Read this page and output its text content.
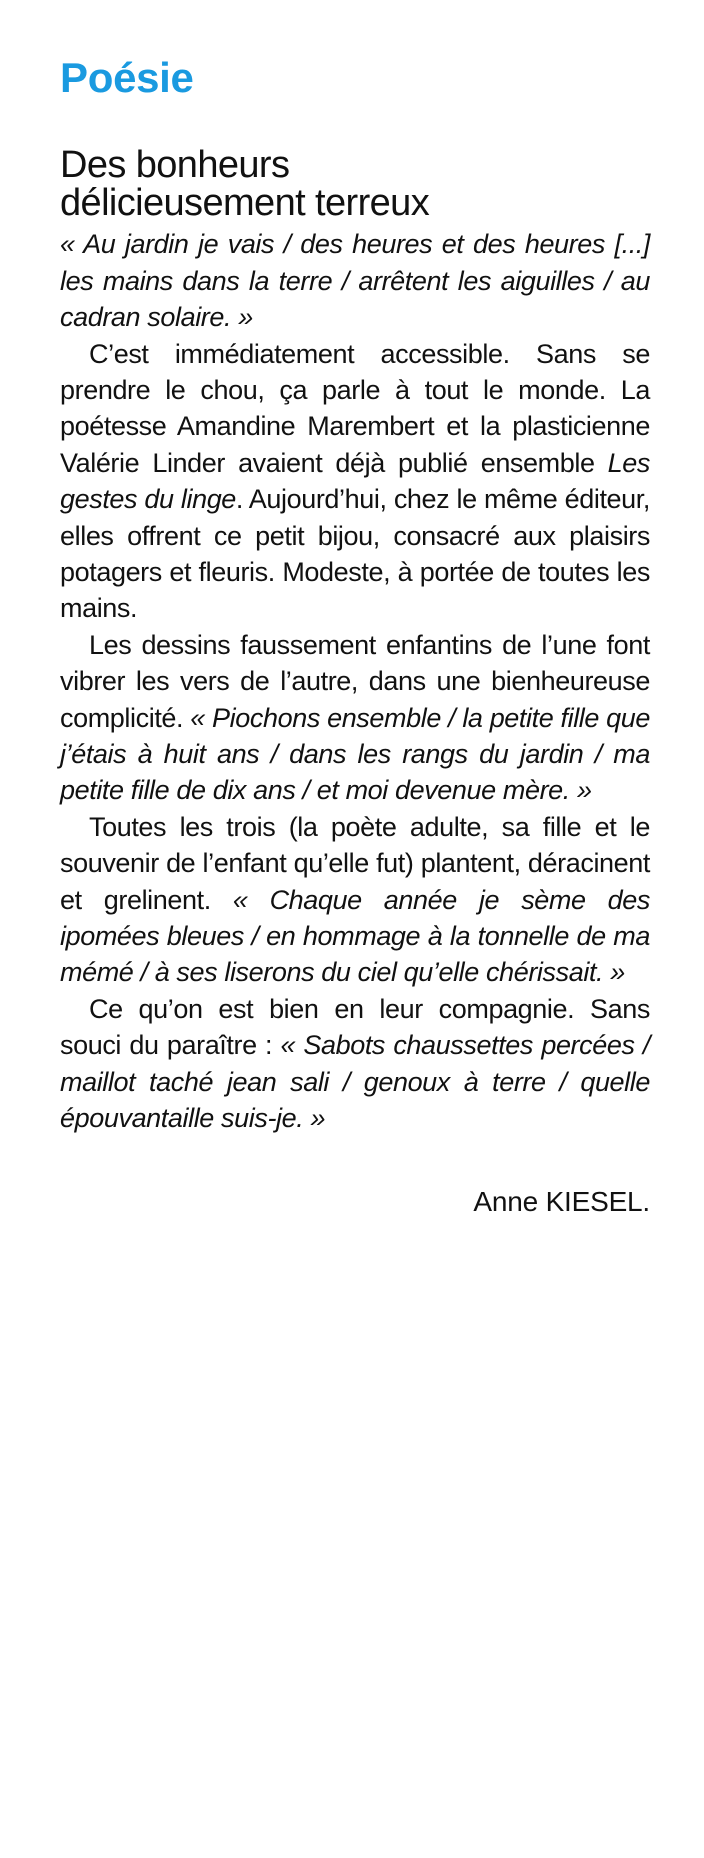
Poésie
Des bonheurs
délicieusement terreux

« Au jardin je vais / des heures et des heures [...] les mains dans la terre / arrêtent les aiguilles / au cadran solaire. »

C’est immédiatement accessible. Sans se prendre le chou, ça parle à tout le monde. La poétesse Amandine Marembert et la plasticienne Valérie Linder avaient déjà publié ensemble Les gestes du linge. Aujourd’hui, chez le même éditeur, elles offrent ce petit bijou, consacré aux plaisirs potagers et fleuris. Modeste, à portée de toutes les mains.

Les dessins faussement enfantins de l’une font vibrer les vers de l’autre, dans une bienheureuse complicité. « Piochons ensemble / la petite fille que j’étais à huit ans / dans les rangs du jardin / ma petite fille de dix ans / et moi devenue mère. »

Toutes les trois (la poète adulte, sa fille et le souvenir de l’enfant qu’elle fut) plantent, déracinent et grelinent. « Chaque année je sème des ipomées bleues / en hommage à la tonnelle de ma mémé / à ses liserons du ciel qu’elle chérissait. »

Ce qu’on est bien en leur compagnie. Sans souci du paraître : « Sabots chaussettes percées / maillot taché jean sali / genoux à terre / quelle épouvantaille suis-je. »

Anne KIESEL.
